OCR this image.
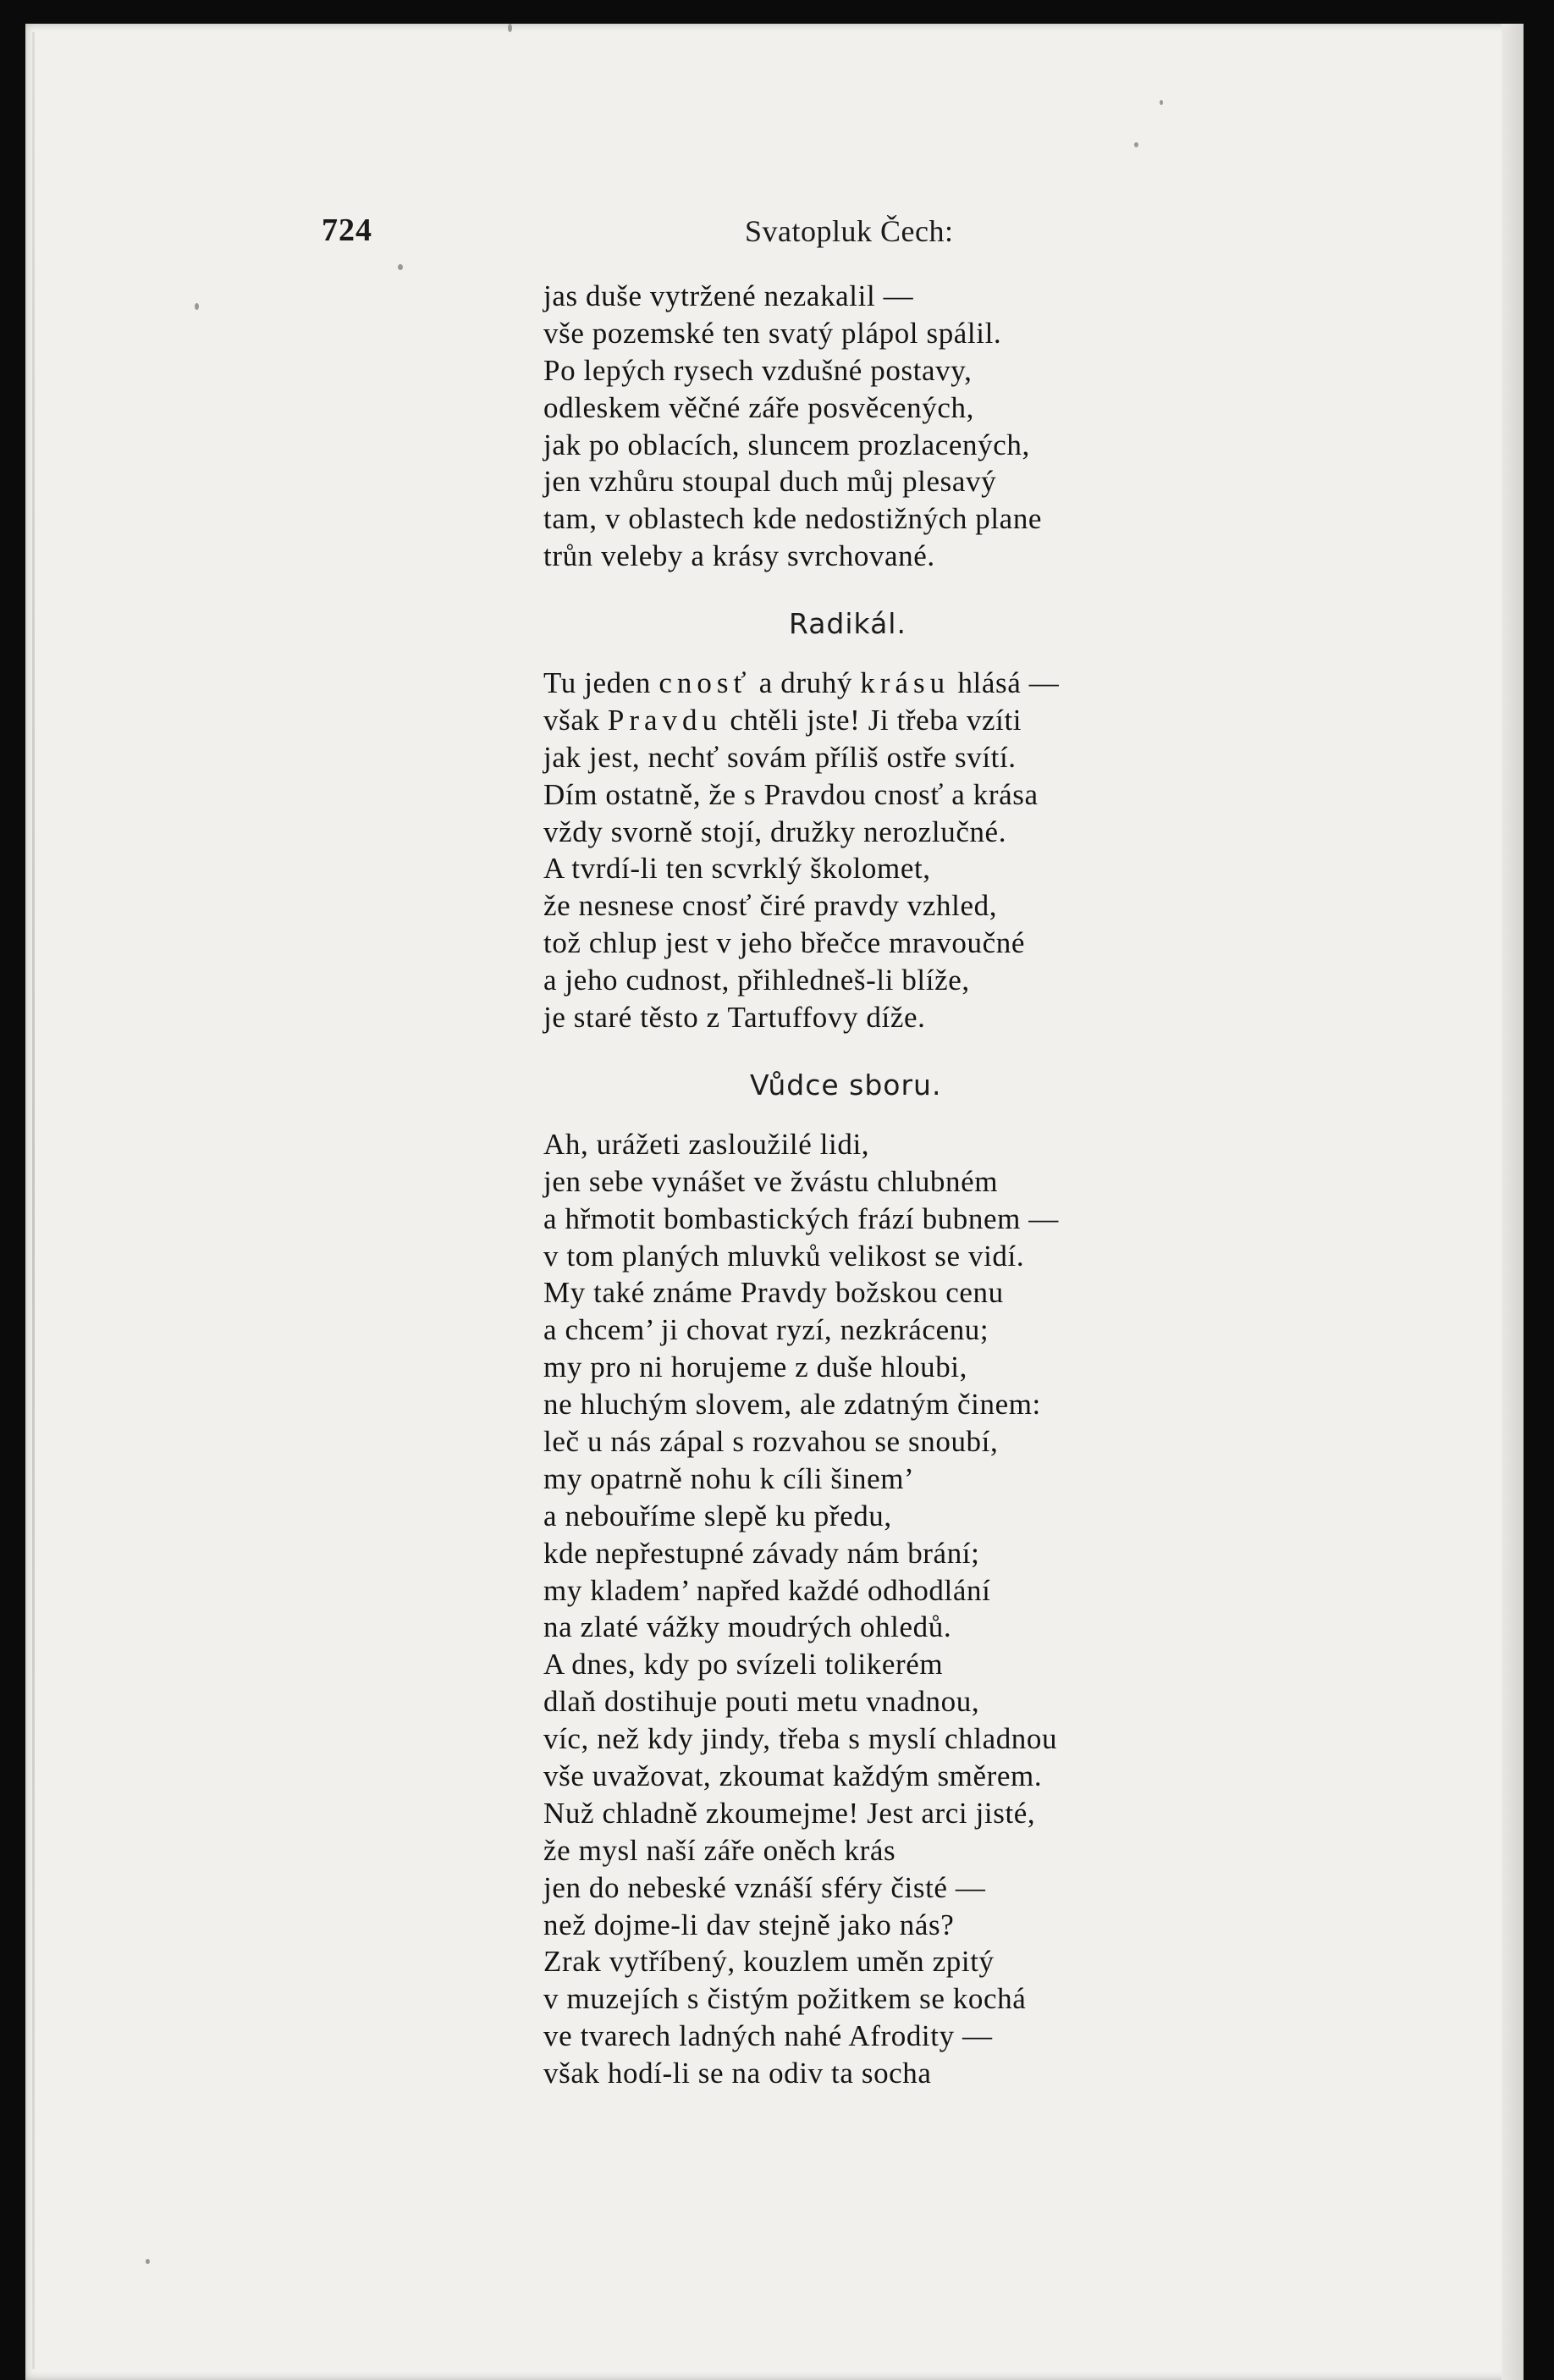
724	Svatopluk Čech:
jas duše vytržené nezakalil —
vše pozemské ten svatý plápol spálil.
Po lepých rysech vzdušné postavy,
odleskem věčné záře posvěcených,
jak po oblacích, sluncem prozlacených,
jen vzhůru stoupal duch můj plesavý
tam, v oblastech kde nedostižných plane
trůn veleby a krásy svrchované.
Radikál.
Tu jeden cnosť a druhý krásu hlásá —
však Pravdu chtěli jste! Ji třeba vzíti
jak jest, nechť sovám příliš ostře svítí.
Dím ostatně, že s Pravdou cnosť a krása
vždy svorně stojí, družky nerozlučné.
A tvrdí-li ten scvrklý školomet,
že nesnese cnosť čiré pravdy vzhled,
tož chlup jest v jeho břečce mravoučné
a jeho cudnost, přihledneš-li blíže,
je staré těsto z Tartuffovy díže.
Vůdce sboru.
Ah, urážeti zasloužilé lidi,
jen sebe vynášet ve žvástu chlubném
a hřmotit bombastických frází bubnem —
v tom planých mluvků velikost se vidí.
My také známe Pravdy božskou cenu
a chcem’ ji chovat ryzí, nezkrácenu;
my pro ni horujeme z duše hloubi,
ne hluchým slovem, ale zdatným činem:
leč u nás zápal s rozvahou se snoubí,
my opatrně nohu k cíli šinem’
a nebouříme slepě ku předu,
kde nepřestupné závady nám brání;
my kladem’ napřed každé odhodlání
na zlaté vážky moudrých ohledů.
A dnes, kdy po svízeli tolikerém
dlaň dostihuje pouti metu vnadnou,
víc, než kdy jindy, třeba s myslí chladnou
vše uvažovat, zkoumat každým směrem.
Nuž chladně zkoumejme! Jest arci jisté,
že mysl naší záře oněch krás
jen do nebeské vznáší sféry čisté —
než dojme-li dav stejně jako nás?
Zrak vytříbený, kouzlem uměn zpitý
v muzejích s čistým požitkem se kochá
ve tvarech ladných nahé Afrodity —
však hodí-li se na odiv ta socha
